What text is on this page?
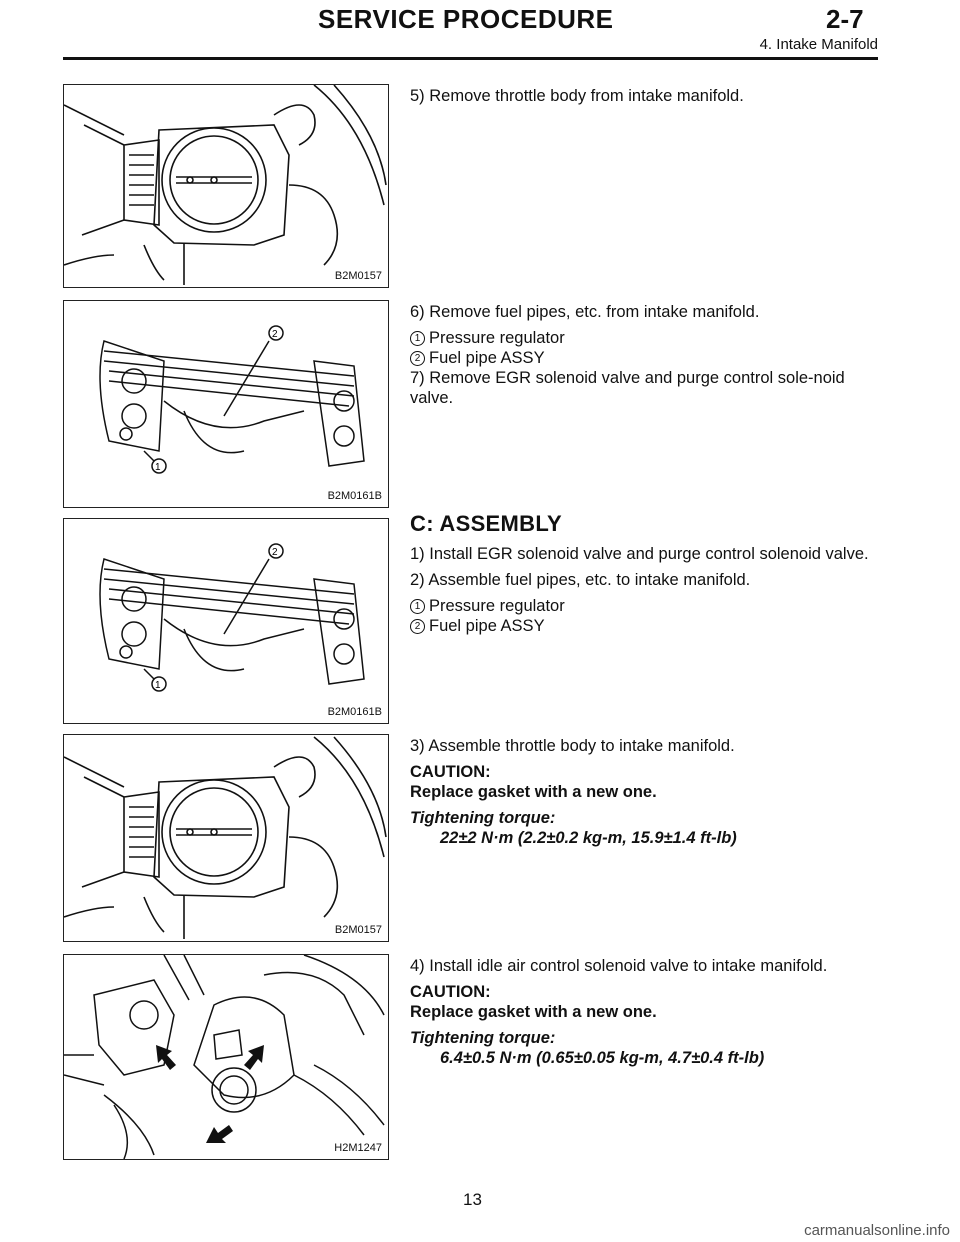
SERVICE PROCEDURE	2-7
4. Intake Manifold
B2M0157

5) Remove throttle body from intake manifold.

2
1
B2M0161B

6) Remove fuel pipes, etc. from intake manifold.

1 Pressure regulator
2 Fuel pipe ASSY

7) Remove EGR solenoid valve and purge control sole-noid valve.

2
1
B2M0161B

C: ASSEMBLY

1) Install EGR solenoid valve and purge control solenoid valve.

2) Assemble fuel pipes, etc. to intake manifold.

1 Pressure regulator
2 Fuel pipe ASSY
B2M0157

3) Assemble throttle body to intake manifold.

CAUTION:

Replace gasket with a new one.

Tightening torque:
22±2 N·m (2.2±0.2 kg-m, 15.9±1.4 ft-lb)
H2M1247

4) Install idle air control solenoid valve to intake manifold.

CAUTION:

Replace gasket with a new one.

Tightening torque:
6.4±0.5 N·m (0.65±0.05 kg-m, 4.7±0.4 ft-lb)
13
carmanualsonline.info
